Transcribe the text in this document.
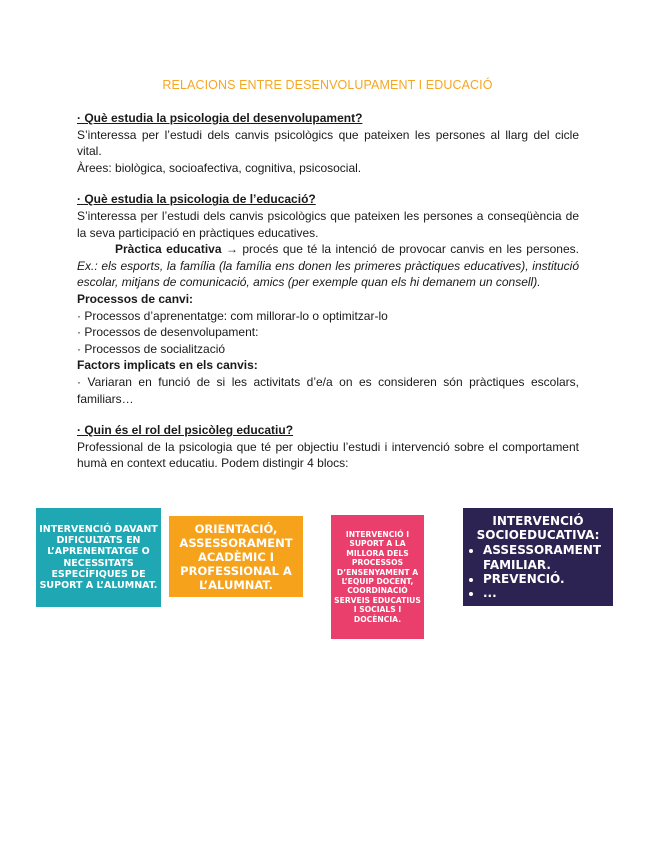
RELACIONS ENTRE DESENVOLUPAMENT I EDUCACIÓ

· Què estudia la psicologia del desenvolupament?

S’interessa per l’estudi dels canvis psicològics que pateixen les persones al llarg del cicle vital.

Àrees: biològica, socioafectiva, cognitiva, psicosocial.

· Què estudia la psicologia de l’educació?

S’interessa per l’estudi dels canvis psicològics que pateixen les persones a conseqüència de la seva participació en pràctiques educatives.

Pràctica educativa → procés que té la intenció de provocar canvis en les persones. Ex.: els esports, la família (la família ens donen les primeres pràctiques educatives), institució escolar, mitjans de comunicació, amics (per exemple quan els hi demanem un consell).

Processos de canvi:

· Processos d’aprenentatge: com millorar-lo o optimitzar-lo

· Processos de desenvolupament:

· Processos de socialització

Factors implicats en els canvis:

· Variaran en funció de si les activitats d’e/a on es consideren són pràctiques escolars, familiars…

· Quin és el rol del psicòleg educatiu?

Professional de la psicologia que té per objectiu l’estudi i intervenció sobre el comportament humà en context educatiu. Podem distingir 4 blocs:

INTERVENCIÓ DAVANT DIFICULTATS EN L’APRENENTATGE O NECESSITATS ESPECÍFIQUES DE SUPORT A L’ALUMNAT.
ORIENTACIÓ, ASSESSORAMENT ACADÈMIC I PROFESSIONAL A L’ALUMNAT.
INTERVENCIÓ I SUPORT A LA MILLORA DELS PROCESSOS D’ENSENYAMENT A L’EQUIP DOCENT, COORDINACIÓ SERVEIS EDUCATIUS I SOCIALS I DOCÈNCIA.
INTERVENCIÓ SOCIOEDUCATIVA:
• ASSESSORAMENT FAMILIAR.
• PREVENCIÓ.
• ...
